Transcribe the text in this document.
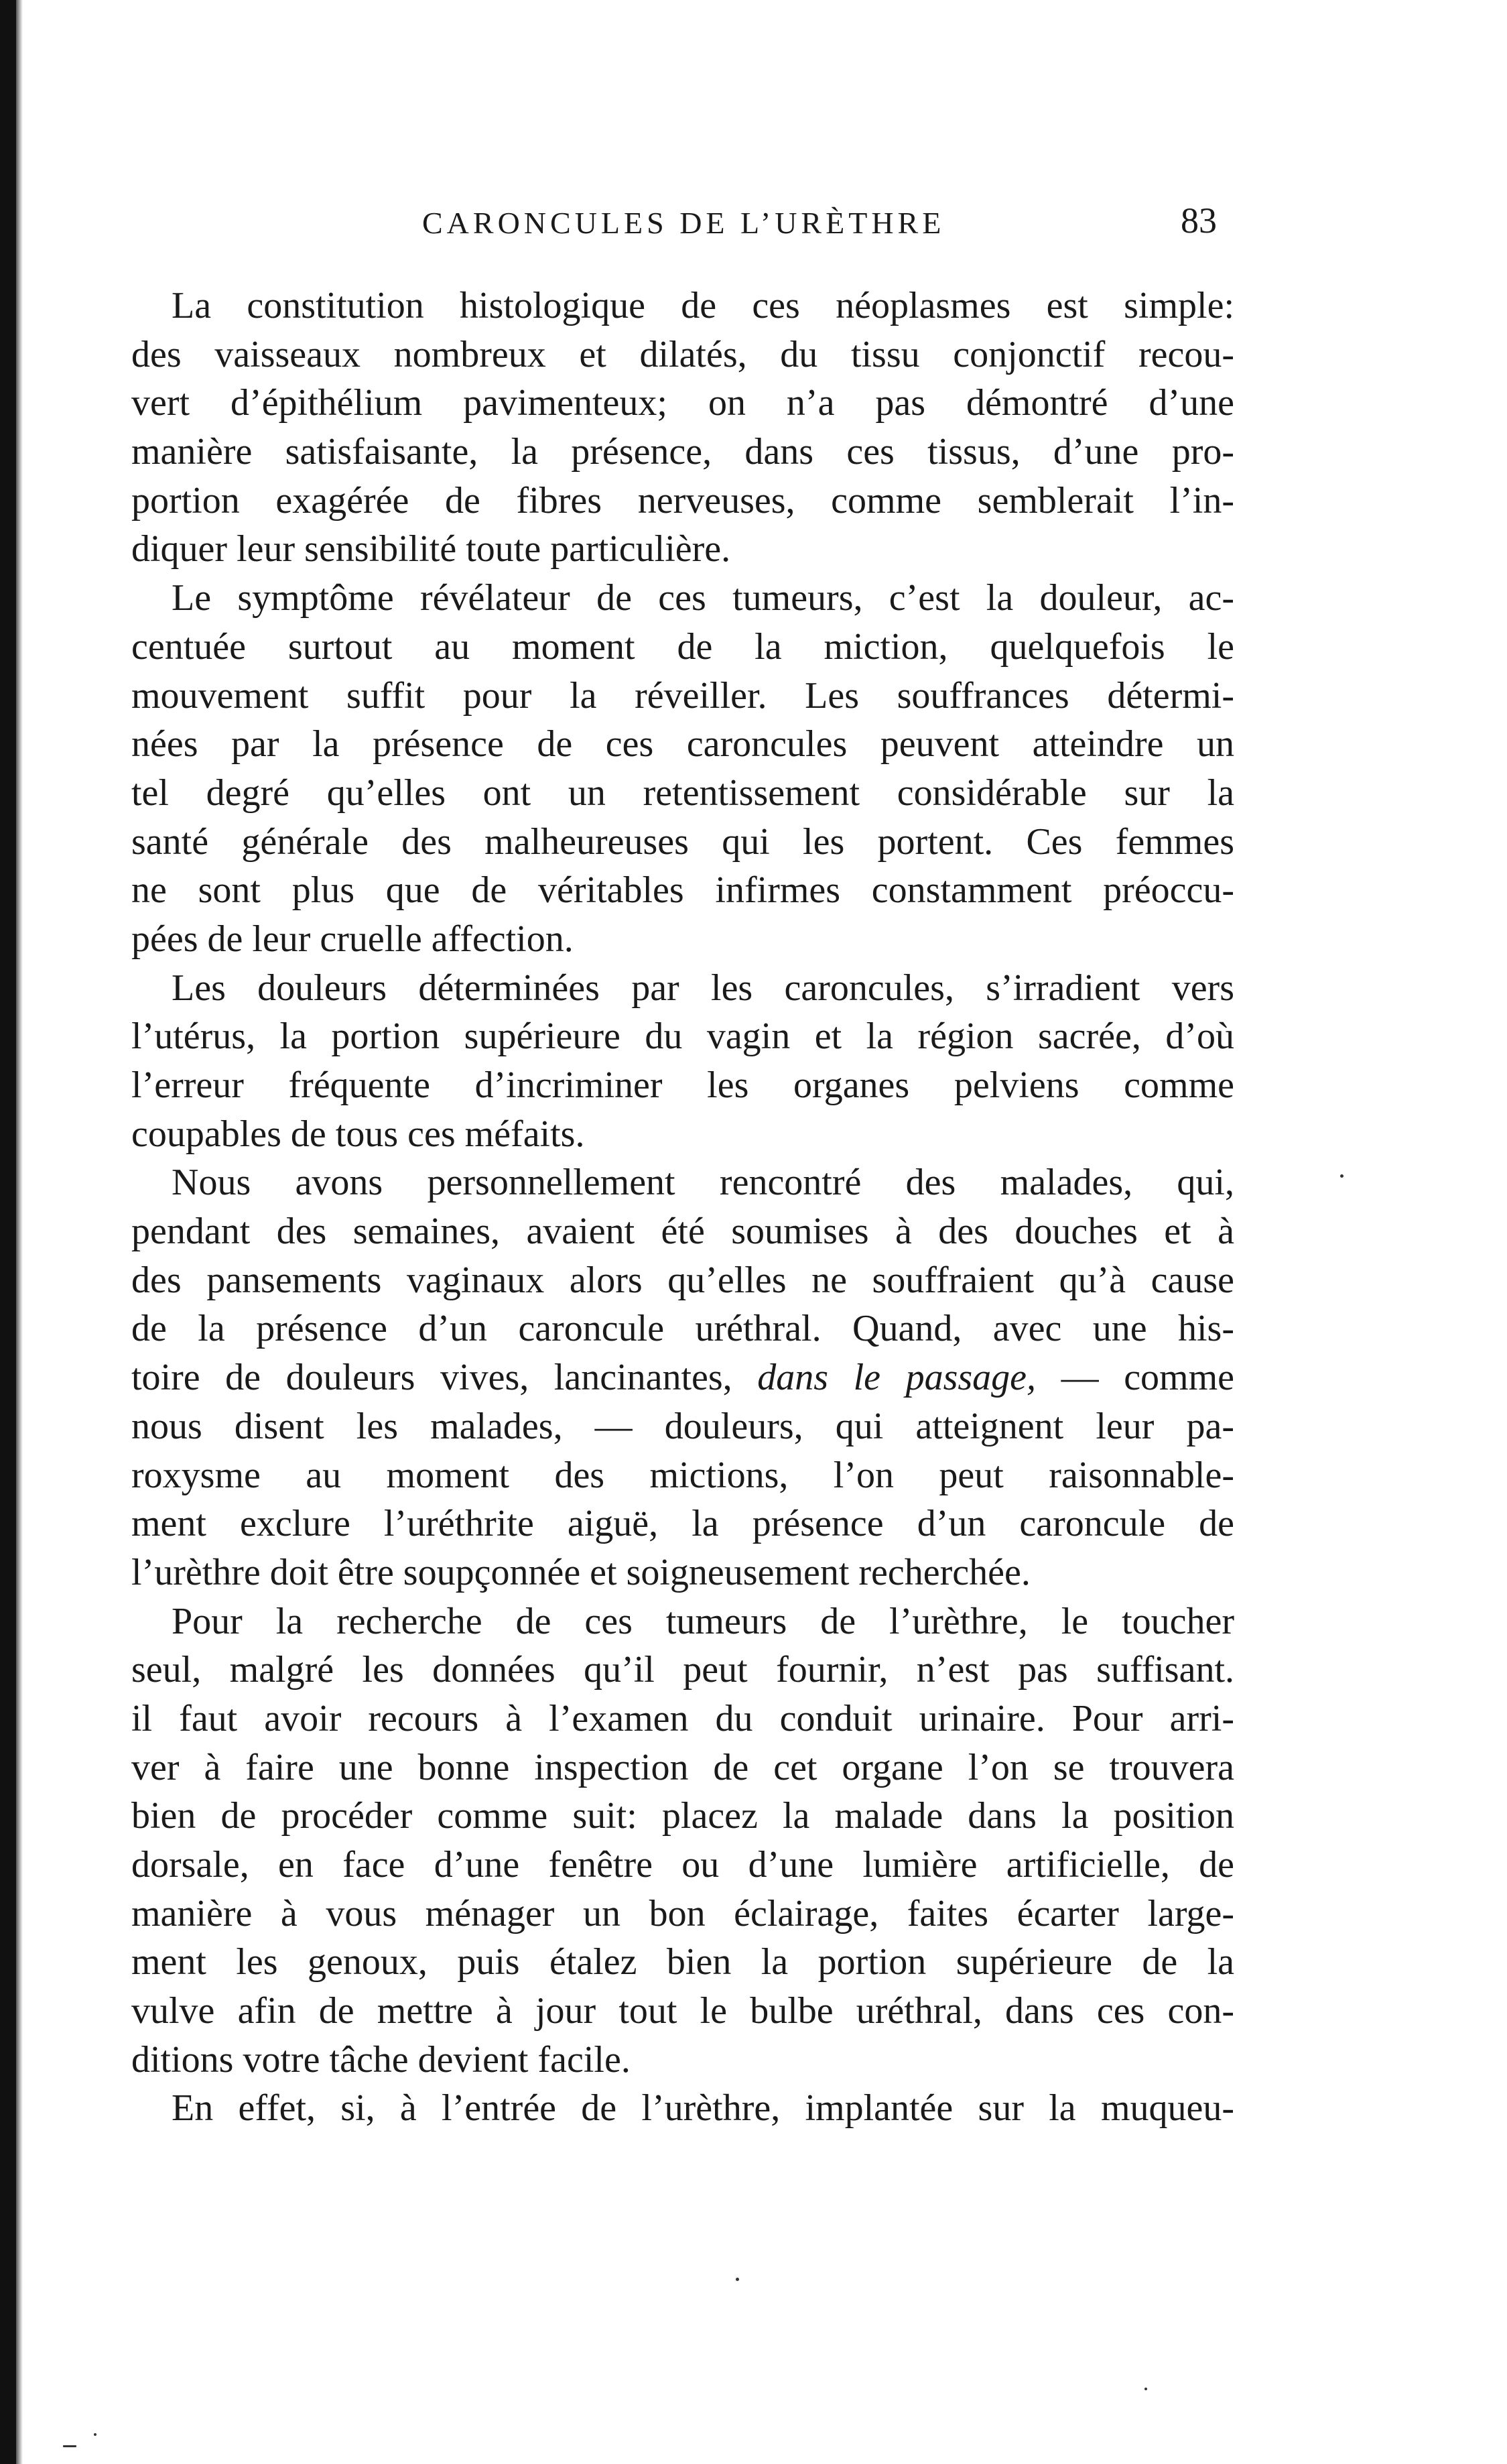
CARONCULES DE L’URÈTHRE	83
La constitution histologique de ces néoplasmes est simple:
des vaisseaux nombreux et dilatés, du tissu conjonctif recou-
vert d’épithélium pavimenteux; on n’a pas démontré d’une
manière satisfaisante, la présence, dans ces tissus, d’une pro-
portion exagérée de fibres nerveuses, comme semblerait l’in-
diquer leur sensibilité toute particulière.
Le symptôme révélateur de ces tumeurs, c’est la douleur, ac-
centuée surtout au moment de la miction, quelquefois le
mouvement suffit pour la réveiller. Les souffrances détermi-
nées par la présence de ces caroncules peuvent atteindre un
tel degré qu’elles ont un retentissement considérable sur la
santé générale des malheureuses qui les portent. Ces femmes
ne sont plus que de véritables infirmes constamment préoccu-
pées de leur cruelle affection.
Les douleurs déterminées par les caroncules, s’irradient vers
l’utérus, la portion supérieure du vagin et la région sacrée, d’où
l’erreur fréquente d’incriminer les organes pelviens comme
coupables de tous ces méfaits.
Nous avons personnellement rencontré des malades, qui,
pendant des semaines, avaient été soumises à des douches et à
des pansements vaginaux alors qu’elles ne souffraient qu’à cause
de la présence d’un caroncule uréthral. Quand, avec une his-
toire de douleurs vives, lancinantes, dans le passage, — comme
nous disent les malades, — douleurs, qui atteignent leur pa-
roxysme au moment des mictions, l’on peut raisonnable-
ment exclure l’uréthrite aiguë, la présence d’un caroncule de
l’urèthre doit être soupçonnée et soigneusement recherchée.
Pour la recherche de ces tumeurs de l’urèthre, le toucher
seul, malgré les données qu’il peut fournir, n’est pas suffisant.
il faut avoir recours à l’examen du conduit urinaire. Pour arri-
ver à faire une bonne inspection de cet organe l’on se trouvera
bien de procéder comme suit: placez la malade dans la position
dorsale, en face d’une fenêtre ou d’une lumière artificielle, de
manière à vous ménager un bon éclairage, faites écarter large-
ment les genoux, puis étalez bien la portion supérieure de la
vulve afin de mettre à jour tout le bulbe uréthral, dans ces con-
ditions votre tâche devient facile.
En effet, si, à l’entrée de l’urèthre, implantée sur la muqueu-
